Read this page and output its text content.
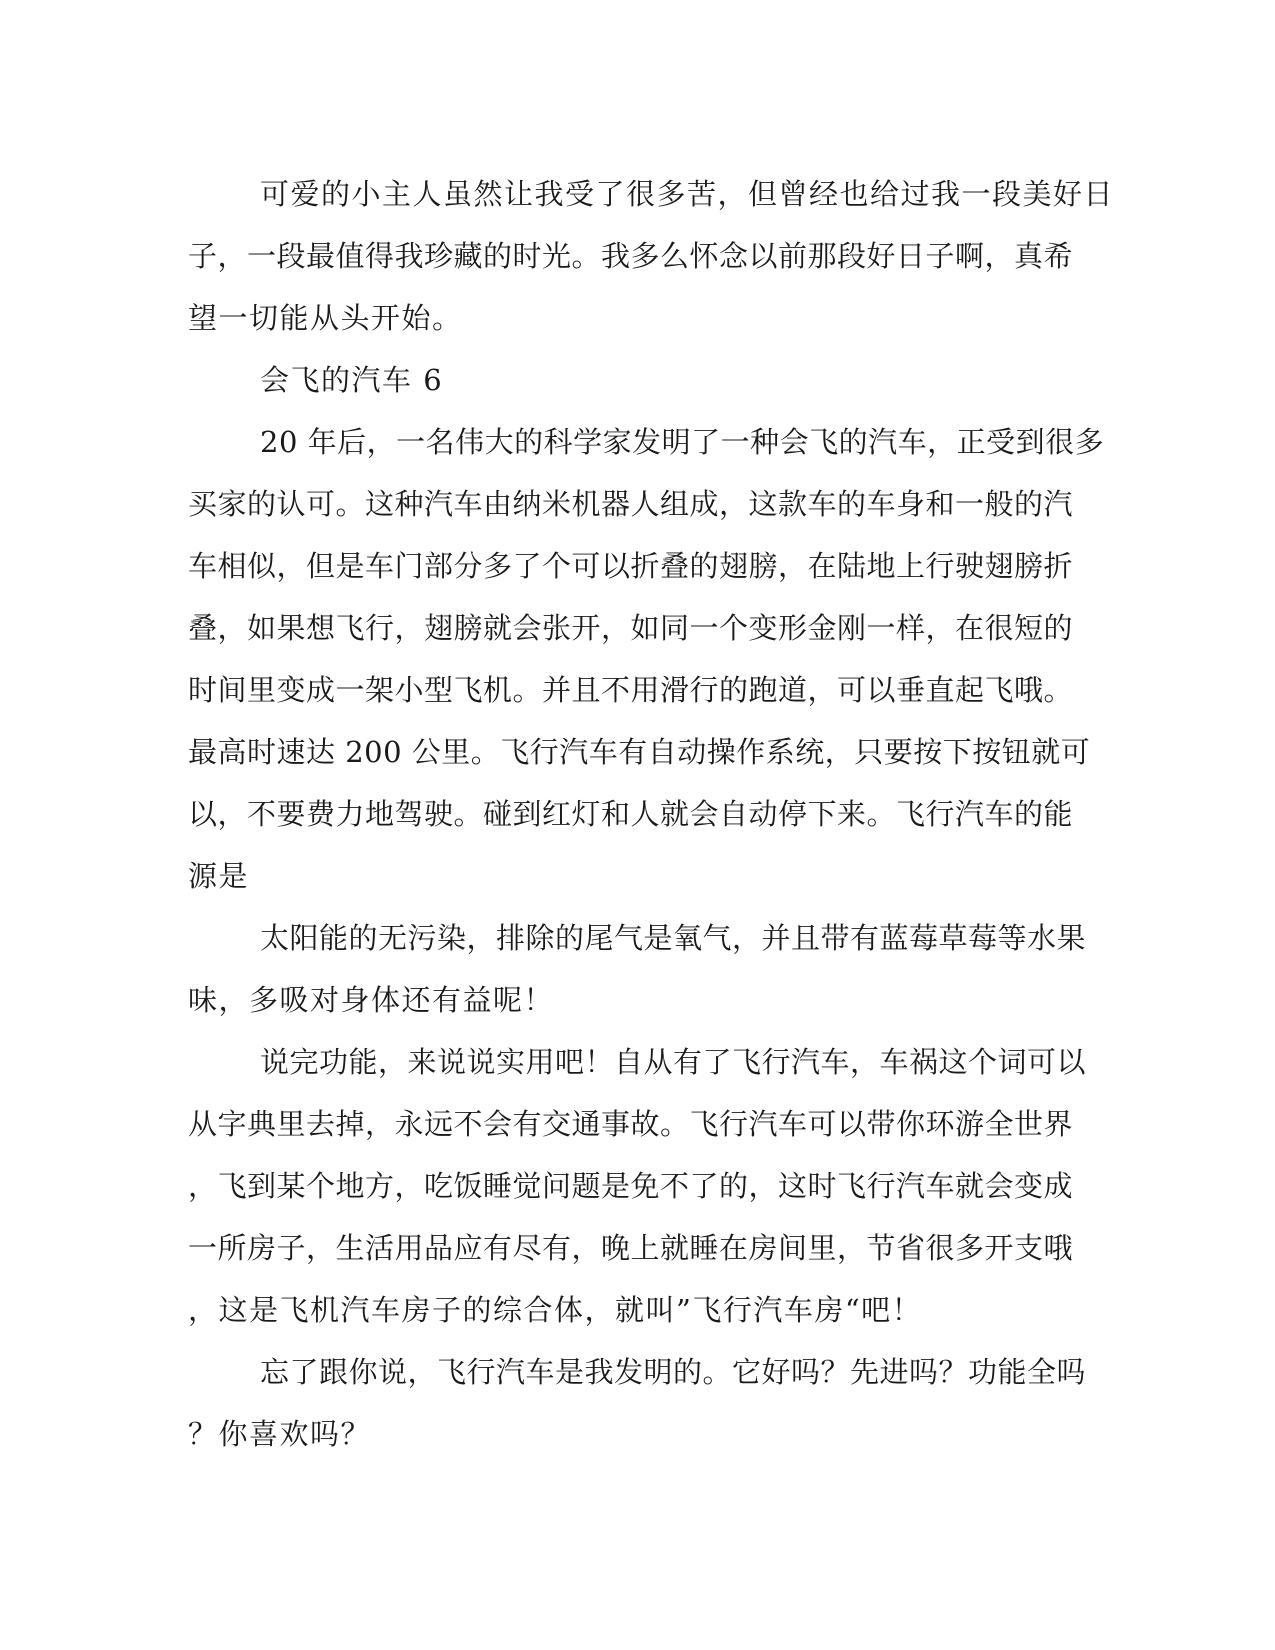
可爱的小主人虽然让我受了很多苦，但曾经也给过我一段美好日
子，一段最值得我珍藏的时光。我多么怀念以前那段好日子啊，真希
望一切能从头开始。
会飞的汽车 6
20 年后，一名伟大的科学家发明了一种会飞的汽车，正受到很多
买家的认可。这种汽车由纳米机器人组成，这款车的车身和一般的汽
车相似，但是车门部分多了个可以折叠的翅膀，在陆地上行驶翅膀折
叠，如果想飞行，翅膀就会张开，如同一个变形金刚一样，在很短的
时间里变成一架小型飞机。并且不用滑行的跑道，可以垂直起飞哦。
最高时速达 200 公里。飞行汽车有自动操作系统，只要按下按钮就可
以，不要费力地驾驶。碰到红灯和人就会自动停下来。飞行汽车的能
源是
太阳能的无污染，排除的尾气是氧气，并且带有蓝莓草莓等水果
味，多吸对身体还有益呢！
说完功能，来说说实用吧！自从有了飞行汽车，车祸这个词可以
从字典里去掉，永远不会有交通事故。飞行汽车可以带你环游全世界
，飞到某个地方，吃饭睡觉问题是免不了的，这时飞行汽车就会变成
一所房子，生活用品应有尽有，晚上就睡在房间里，节省很多开支哦
，这是飞机汽车房子的综合体，就叫”飞行汽车房“吧！
忘了跟你说，飞行汽车是我发明的。它好吗？先进吗？功能全吗
？你喜欢吗？
